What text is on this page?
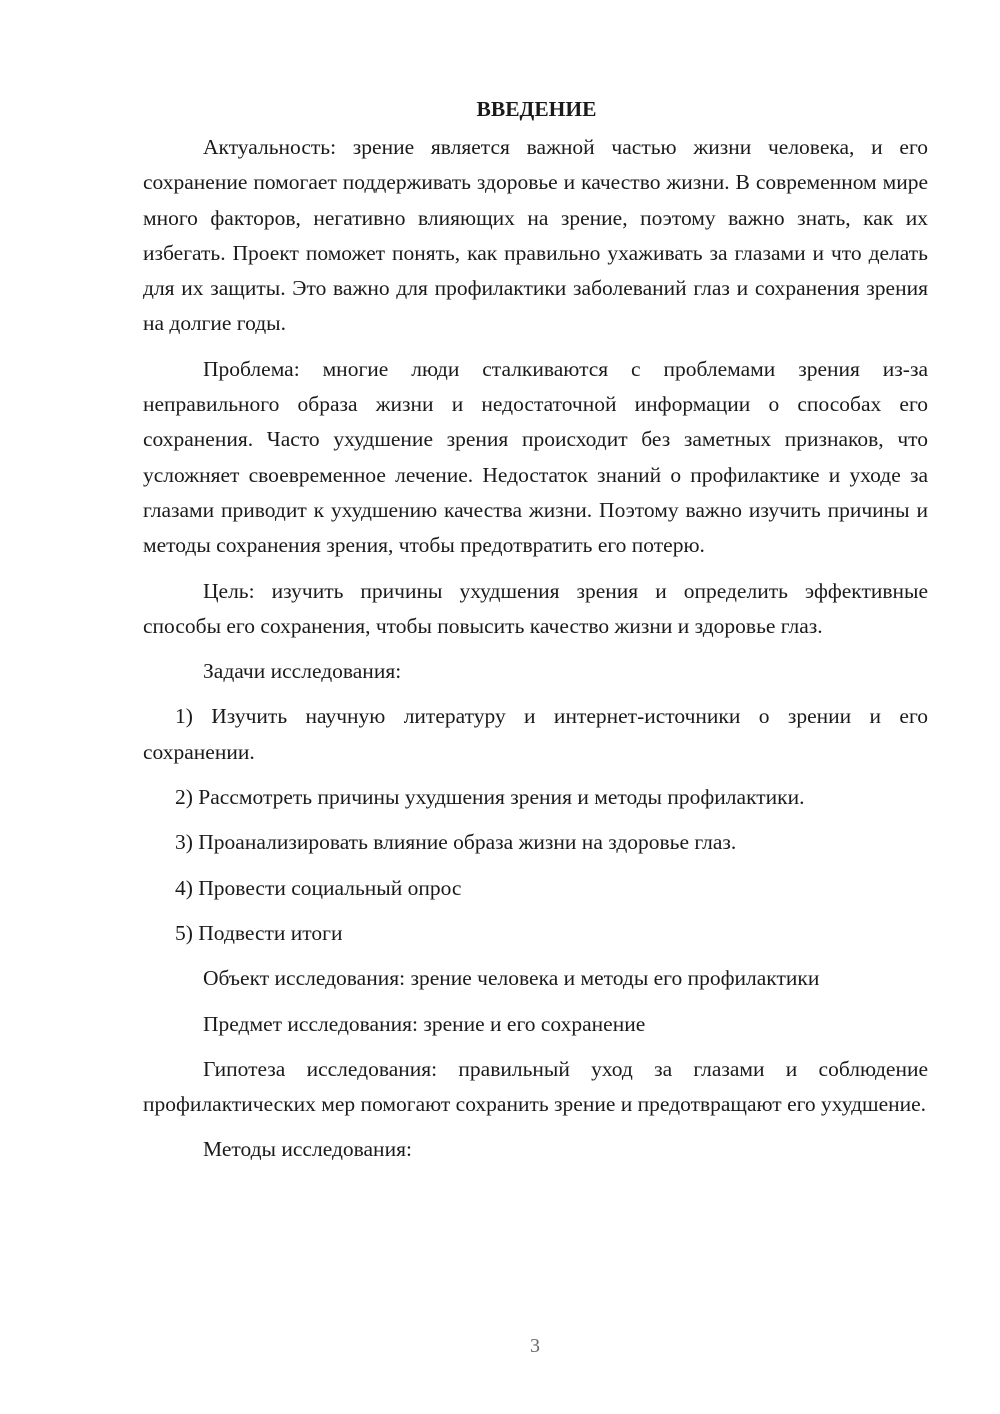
ВВЕДЕНИЕ

Актуальность: зрение является важной частью жизни человека, и его сохранение помогает поддерживать здоровье и качество жизни. В современном мире много факторов, негативно влияющих на зрение, поэтому важно знать, как их избегать. Проект поможет понять, как правильно ухаживать за глазами и что делать для их защиты. Это важно для профилактики заболеваний глаз и сохранения зрения на долгие годы.

Проблема: многие люди сталкиваются с проблемами зрения из-за неправильного образа жизни и недостаточной информации о способах его сохранения. Часто ухудшение зрения происходит без заметных признаков, что усложняет своевременное лечение. Недостаток знаний о профилактике и уходе за глазами приводит к ухудшению качества жизни. Поэтому важно изучить причины и методы сохранения зрения, чтобы предотвратить его потерю.

Цель: изучить причины ухудшения зрения и определить эффективные способы его сохранения, чтобы повысить качество жизни и здоровье глаз.

Задачи исследования:

1) Изучить научную литературу и интернет-источники о зрении и его сохранении.

2) Рассмотреть причины ухудшения зрения и методы профилактики.

3) Проанализировать влияние образа жизни на здоровье глаз.

4) Провести социальный опрос

5) Подвести итоги

Объект исследования: зрение человека и методы его профилактики

Предмет исследования: зрение и его сохранение

Гипотеза исследования: правильный уход за глазами и соблюдение профилактических мер помогают сохранить зрение и предотвращают его ухудшение.

Методы исследования:

3
